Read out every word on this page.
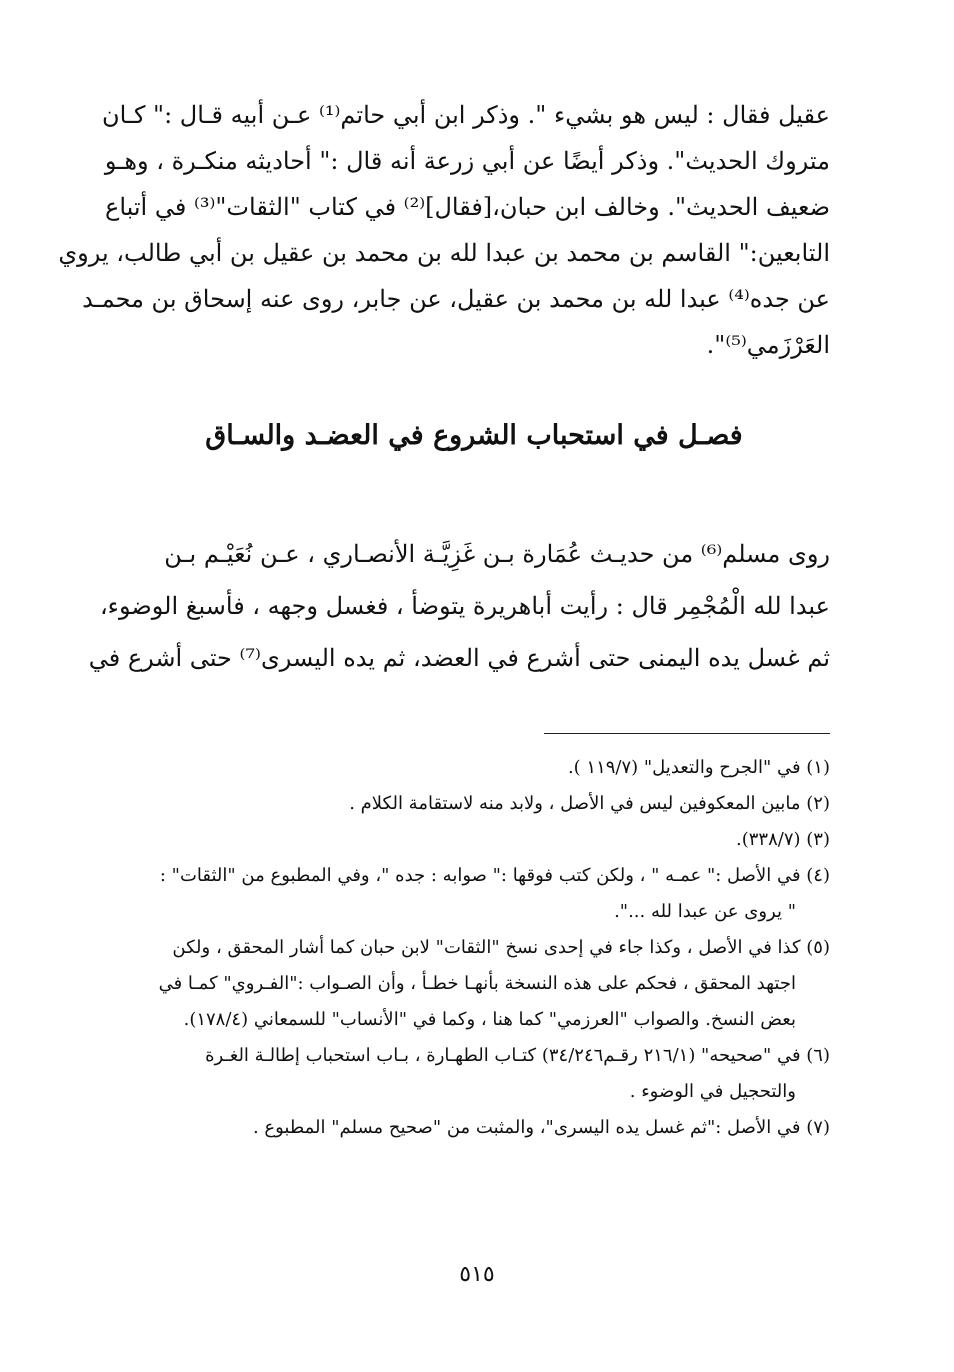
عقيل فقال : ليس هو بشيء ". وذكر ابن أبي حاتم⁽¹⁾ عـن أبيه قـال :" كـان
متروك الحديث". وذكر أيضًا عن أبي زرعة أنه قال :" أحاديثه منكـرة ، وهـو
ضعيف الحديث". وخالف ابن حبان،[فقال]⁽²⁾ في كتاب "الثقات"⁽³⁾ في أتباع
التابعين:" القاسم بن محمد بن عبدا لله بن محمد بن عقيل بن أبي طالب، يروي
عن جده⁽⁴⁾ عبدا لله بن محمد بن عقيل، عن جابر، روى عنه إسحاق بن محمـد
العَرْزَمي⁽⁵⁾".
فصـل في استحباب الشروع في العضـد والسـاق
روى مسلم⁽⁶⁾ من حديـث عُمَارة بـن غَزِيَّـة الأنصـاري ، عـن نُعَيْـم بـن
عبدا لله الْمُجْمِر قال : رأيت أباهريرة يتوضأ ، فغسل وجهه ، فأسبغ الوضوء،
ثم غسل يده اليمنى حتى أشرع في العضد، ثم يده اليسرى⁽⁷⁾ حتى أشرع في
(١) في "الجرح والتعديل" (١١٩/٧ ).
(٢) مابين المعكوفين ليس في الأصل ، ولابد منه لاستقامة الكلام .
(٣) (٣٣٨/٧).
(٤) في الأصل :" عمـه " ، ولكن كتب فوقها :" صوابه : جده "، وفي المطبوع من "الثقات" :
" يروى عن عبدا لله ...".
(٥) كذا في الأصل ، وكذا جاء في إحدى نسخ "الثقات" لابن حبان كما أشار المحقق ، ولكن
اجتهد المحقق ، فحكم على هذه النسخة بأنهـا خطـأ ، وأن الصـواب :"الفـروي" كمـا في
بعض النسخ. والصواب "العرزمي" كما هنا ، وكما في "الأنساب" للسمعاني (١٧٨/٤).
(٦) في "صحيحه" (٢١٦/١ رقـم٣٤/٢٤٦) كتـاب الطهـارة ، بـاب استحباب إطالـة الغـرة
والتحجيل في الوضوء .
(٧) في الأصل :"ثم غسل يده اليسرى"، والمثبت من "صحيح مسلم" المطبوع .
٥١٥
